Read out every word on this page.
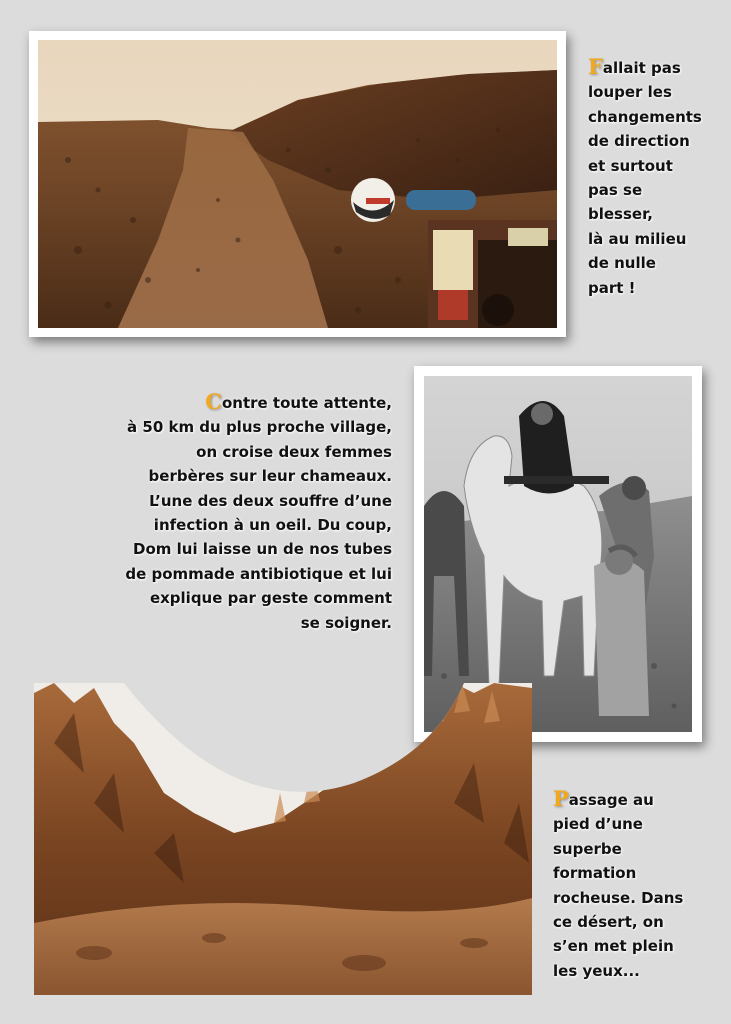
Fallait pas
louper les
changements
de direction
et surtout
pas se
blesser,
là au milieu
de nulle
part !

Contre toute attente,
à 50 km du plus proche village,
on croise deux femmes
berbères sur leur chameaux.
L’une des deux souffre d’une
infection à un oeil. Du coup,
Dom lui laisse un de nos tubes
de pommade antibiotique et lui
explique par geste comment
se soigner.

Passage au
pied d’une
superbe
formation
rocheuse. Dans
ce désert, on
s’en met plein
les yeux...
